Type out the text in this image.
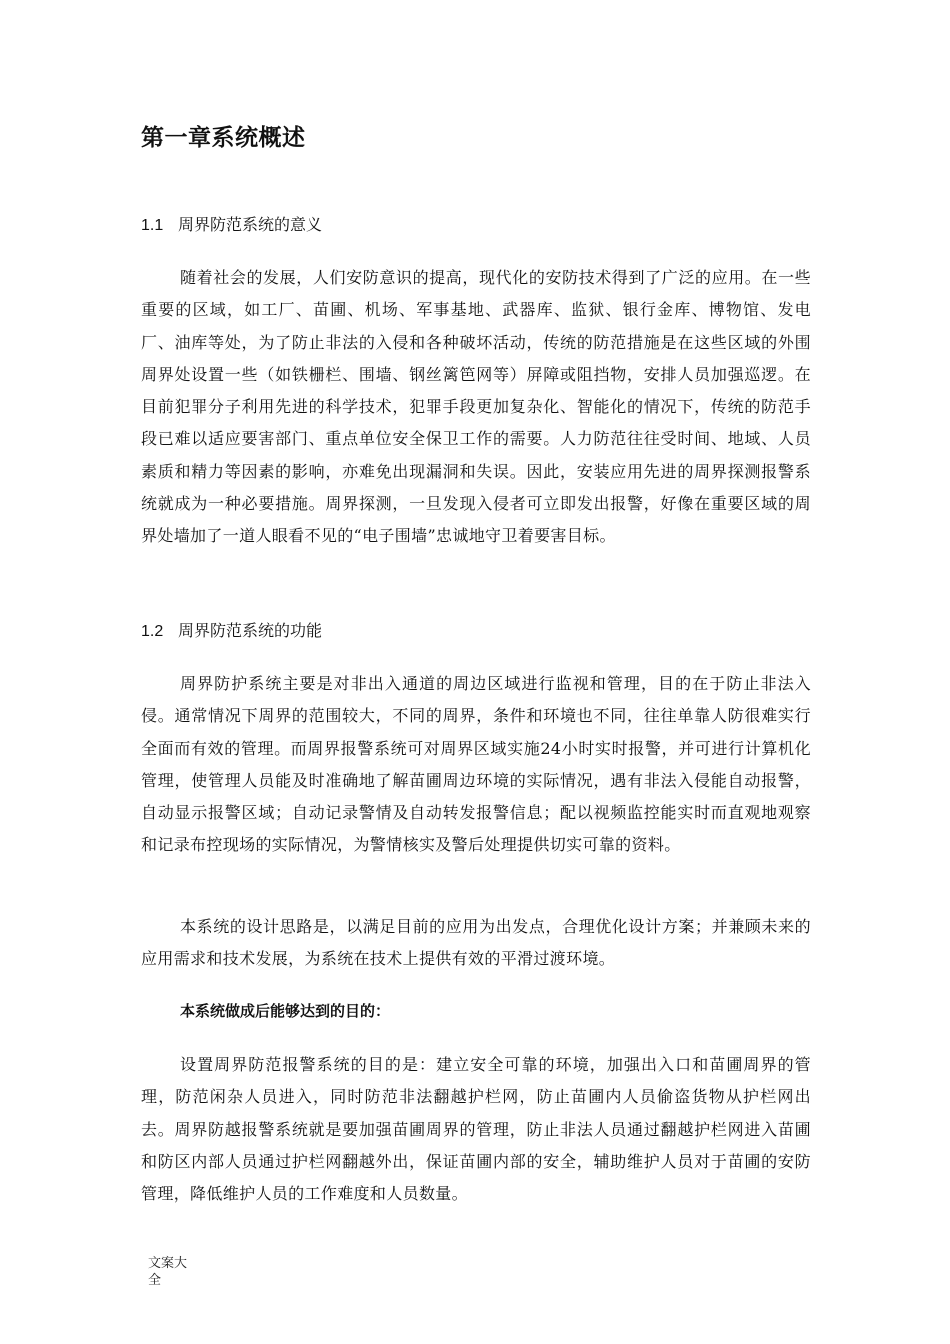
第一章系统概述
1.1 周界防范系统的意义

随着社会的发展，人们安防意识的提高，现代化的安防技术得到了广泛的应用。在一些重要的区域，如工厂、苗圃、机场、军事基地、武器库、监狱、银行金库、博物馆、发电厂、油库等处，为了防止非法的入侵和各种破坏活动，传统的防范措施是在这些区域的外围周界处设置一些（如铁栅栏、围墙、钢丝篱笆网等）屏障或阻挡物，安排人员加强巡逻。在目前犯罪分子利用先进的科学技术，犯罪手段更加复杂化、智能化的情况下，传统的防范手段已难以适应要害部门、重点单位安全保卫工作的需要。人力防范往往受时间、地域、人员素质和精力等因素的影响，亦难免出现漏洞和失误。因此，安装应用先进的周界探测报警系统就成为一种必要措施。周界探测，一旦发现入侵者可立即发出报警，好像在重要区域的周界处墙加了一道人眼看不见的“电子围墙”忠诚地守卫着要害目标。

1.2 周界防范系统的功能

周界防护系统主要是对非出入通道的周边区域进行监视和管理，目的在于防止非法入侵。通常情况下周界的范围较大，不同的周界，条件和环境也不同，往往单靠人防很难实行全面而有效的管理。而周界报警系统可对周界区域实施24小时实时报警，并可进行计算机化管理，使管理人员能及时准确地了解苗圃周边环境的实际情况，遇有非法入侵能自动报警，自动显示报警区域；自动记录警情及自动转发报警信息；配以视频监控能实时而直观地观察和记录布控现场的实际情况，为警情核实及警后处理提供切实可靠的资料。

本系统的设计思路是，以满足目前的应用为出发点，合理优化设计方案；并兼顾未来的应用需求和技术发展，为系统在技术上提供有效的平滑过渡环境。

本系统做成后能够达到的目的：

设置周界防范报警系统的目的是：建立安全可靠的环境，加强出入口和苗圃周界的管理，防范闲杂人员进入，同时防范非法翻越护栏网，防止苗圃内人员偷盗货物从护栏网出去。周界防越报警系统就是要加强苗圃周界的管理，防止非法人员通过翻越护栏网进入苗圃和防区内部人员通过护栏网翻越外出，保证苗圃内部的安全，辅助维护人员对于苗圃的安防管理，降低维护人员的工作难度和人员数量。

文案大全
